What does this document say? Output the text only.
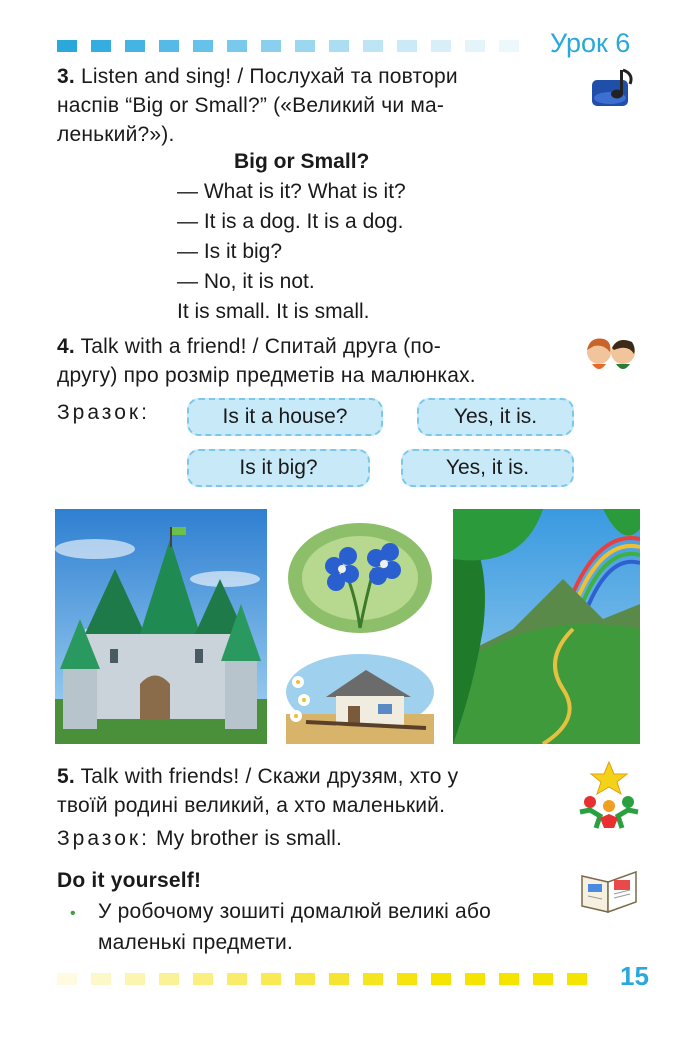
Урок 6
3. Listen and sing! / Послухай та повтори
наспів “Big or Small?” («Великий чи ма-
ленький?»).
Big or Small?
— What is it? What is it?
— It is a dog. It is a dog.
— Is it big?
— No, it is not.
It is small. It is small.
4. Talk with a friend! / Спитай друга (по-
другу) про розмір предметів на малюнках.
Зразок:	Is it a house?	Yes, it is.
Is it big?	Yes, it is.
5. Talk with friends! / Скажи друзям, хто у
твоїй родині великий, а хто маленький.
Зразок: My brother is small.
Do it yourself!
• У робочому зошиті домалюй великі або
маленькі предмети.
15
